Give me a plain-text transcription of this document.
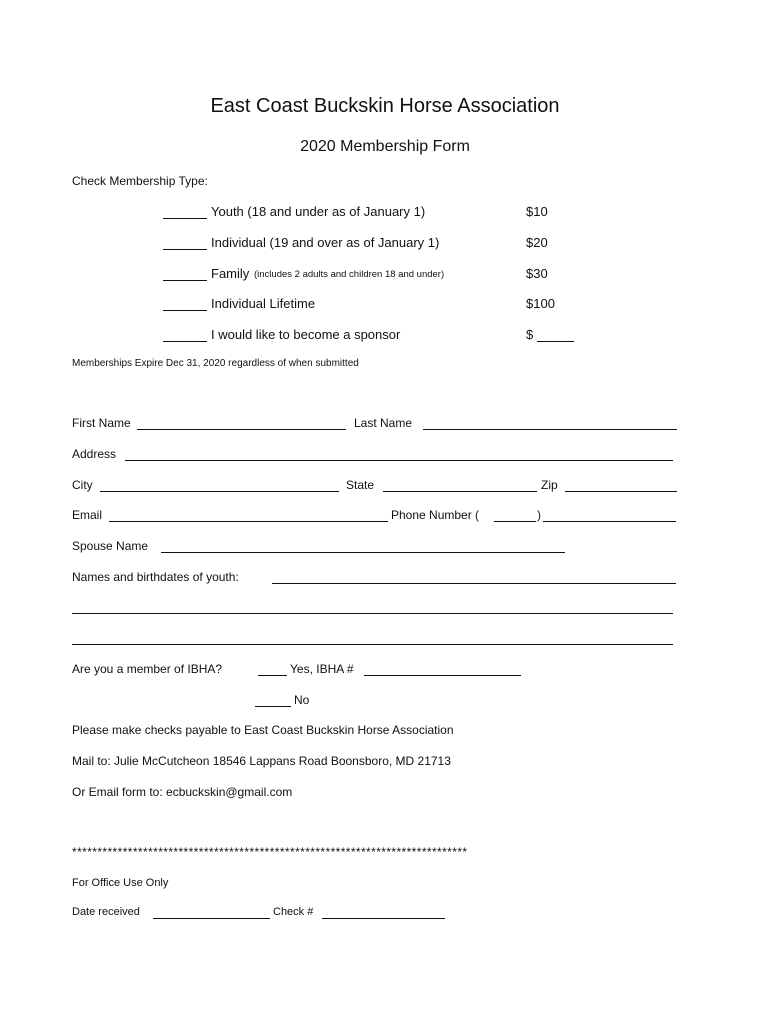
East Coast Buckskin Horse Association
2020 Membership Form
Check Membership Type:
Youth (18 and under as of January 1)	$10
Individual (19 and over as of January 1)	$20
Family (includes 2 adults and children 18 and under)	$30
Individual Lifetime	$100
I would like to become a sponsor	$
Memberships Expire Dec 31, 2020 regardless of when submitted
First Name	Last Name
Address
City	State	Zip
Email	Phone Number (	)
Spouse Name
Names and birthdates of youth:
Are you a member of IBHA?	Yes, IBHA #
No
Please make checks payable to East Coast Buckskin Horse Association
Mail to: Julie McCutcheon 18546 Lappans Road Boonsboro, MD 21713
Or Email form to: ecbuckskin@gmail.com
******************************************************************************
For Office Use Only
Date received	Check #
